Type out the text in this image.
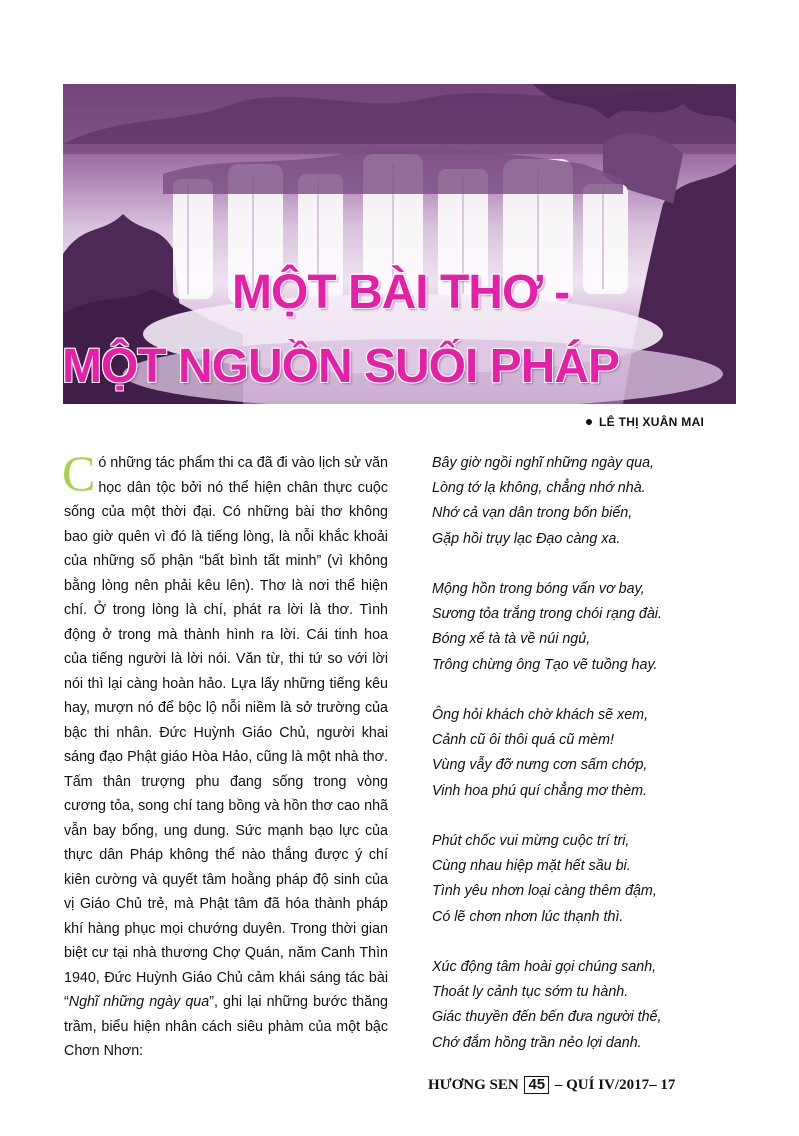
MỘT BÀI THƠ -
MỘT NGUỒN SUỐI PHÁP
LÊ THỊ XUÂN MAI

Có những tác phẩm thi ca đã đi vào lịch sử văn học dân tộc bởi nó thể hiện chân thực cuộc sống của một thời đại. Có những bài thơ không bao giờ quên vì đó là tiếng lòng, là nỗi khắc khoải của những số phận “bất bình tất minh” (vì không bằng lòng nên phải kêu lên). Thơ là nơi thể hiện chí. Ở trong lòng là chí, phát ra lời là thơ. Tình động ở trong mà thành hình ra lời. Cái tinh hoa của tiếng người là lời nói. Văn từ, thi tứ so với lời nói thì lại càng hoàn hảo. Lựa lấy những tiếng kêu hay, mượn nó để bộc lộ nỗi niềm là sở trường của bậc thi nhân. Đức Huỳnh Giáo Chủ, người khai sáng đạo Phật giáo Hòa Hảo, cũng là một nhà thơ. Tấm thân trượng phu đang sống trong vòng cương tỏa, song chí tang bồng và hồn thơ cao nhã vẫn bay bổng, ung dung. Sức mạnh bạo lực của thực dân Pháp không thể nào thắng được ý chí kiên cường và quyết tâm hoằng pháp độ sinh của vị Giáo Chủ trẻ, mà Phật tâm đã hóa thành pháp khí hàng phục mọi chướng duyên. Trong thời gian biệt cư tại nhà thương Chợ Quán, năm Canh Thìn 1940, Đức Huỳnh Giáo Chủ cảm khái sáng tác bài “Nghĩ những ngày qua”, ghi lại những bước thăng trầm, biểu hiện nhân cách siêu phàm của một bậc Chơn Nhơn:

Bây giờ ngồi nghĩ những ngày qua,
Lòng tớ lạ không, chẳng nhớ nhà.
Nhớ cả vạn dân trong bốn biển,
Gặp hồi trụy lạc Đạo càng xa.
Mộng hồn trong bóng vẩn vơ bay,
Sương tỏa trắng trong chói rạng đài.
Bóng xế tà tà về núi ngủ,
Trông chừng ông Tạo vẽ tuồng hay.
Ông hỏi khách chờ khách sẽ xem,
Cảnh cũ ôi thôi quá cũ mèm!
Vùng vẫy đỡ nưng cơn sấm chớp,
Vinh hoa phú quí chẳng mơ thèm.
Phút chốc vui mừng cuộc trí tri,
Cùng nhau hiệp mặt hết sầu bi.
Tình yêu nhơn loại càng thêm đậm,
Có lẽ chơn nhơn lúc thạnh thì.
Xúc động tâm hoài gọi chúng sanh,
Thoát ly cảnh tục sớm tu hành.
Giác thuyền đến bến đưa người thế,
Chớ đắm hồng trần nẻo lợi danh.
HƯƠNG SEN 45 – QUÍ IV/2017– 17
